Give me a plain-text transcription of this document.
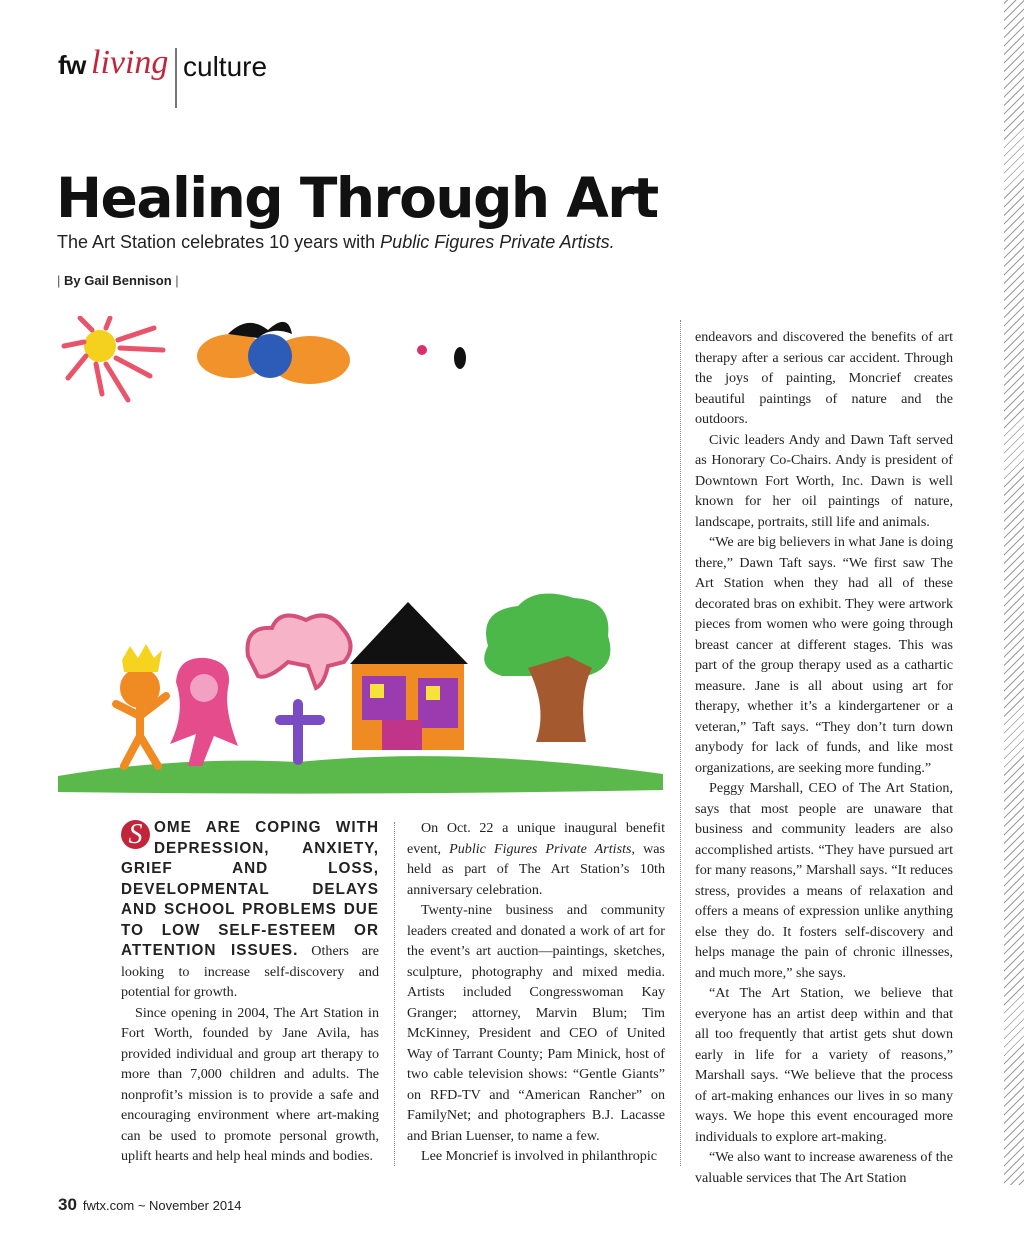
fw living culture
Healing Through Art

The Art Station celebrates 10 years with Public Figures Private Artists.

| By Gail Bennison |

S OME ARE COPING WITH DEPRESSION, ANXIETY, GRIEF AND LOSS, DEVELOPMENTAL DELAYS AND SCHOOL PROBLEMS DUE TO LOW SELF-ESTEEM OR ATTENTION ISSUES. Others are looking to increase self-discovery and potential for growth.

Since opening in 2004, The Art Station in Fort Worth, founded by Jane Avila, has provided individual and group art therapy to more than 7,000 children and adults. The nonprofit’s mission is to provide a safe and encouraging environment where art-making can be used to promote personal growth, uplift hearts and help heal minds and bodies.

On Oct. 22 a unique inaugural benefit event, Public Figures Private Artists, was held as part of The Art Station’s 10th anniversary celebration.

Twenty-nine business and community leaders created and donated a work of art for the event’s art auction—paintings, sketches, sculpture, photography and mixed media. Artists included Congresswoman Kay Granger; attorney, Marvin Blum; Tim McKinney, President and CEO of United Way of Tarrant County; Pam Minick, host of two cable television shows: “Gentle Giants” on RFD-TV and “American Rancher” on FamilyNet; and photographers B.J. Lacasse and Brian Luenser, to name a few.

Lee Moncrief is involved in philanthropic

endeavors and discovered the benefits of art therapy after a serious car accident. Through the joys of painting, Moncrief creates beautiful paintings of nature and the outdoors.

Civic leaders Andy and Dawn Taft served as Honorary Co-Chairs. Andy is president of Downtown Fort Worth, Inc. Dawn is well known for her oil paintings of nature, landscape, portraits, still life and animals.

“We are big believers in what Jane is doing there,” Dawn Taft says. “We first saw The Art Station when they had all of these decorated bras on exhibit. They were artwork pieces from women who were going through breast cancer at different stages. This was part of the group therapy used as a cathartic measure. Jane is all about using art for therapy, whether it’s a kindergartener or a veteran,” Taft says. “They don’t turn down anybody for lack of funds, and like most organizations, are seeking more funding.”

Peggy Marshall, CEO of The Art Station, says that most people are unaware that business and community leaders are also accomplished artists. “They have pursued art for many reasons,” Marshall says. “It reduces stress, provides a means of relaxation and offers a means of expression unlike anything else they do. It fosters self-discovery and helps manage the pain of chronic illnesses, and much more,” she says.

“At The Art Station, we believe that everyone has an artist deep within and that all too frequently that artist gets shut down early in life for a variety of reasons,” Marshall says. “We believe that the process of art-making enhances our lives in so many ways. We hope this event encouraged more individuals to explore art-making.

“We also want to increase awareness of the valuable services that The Art Station

30 fwtx.com ~ November 2014
